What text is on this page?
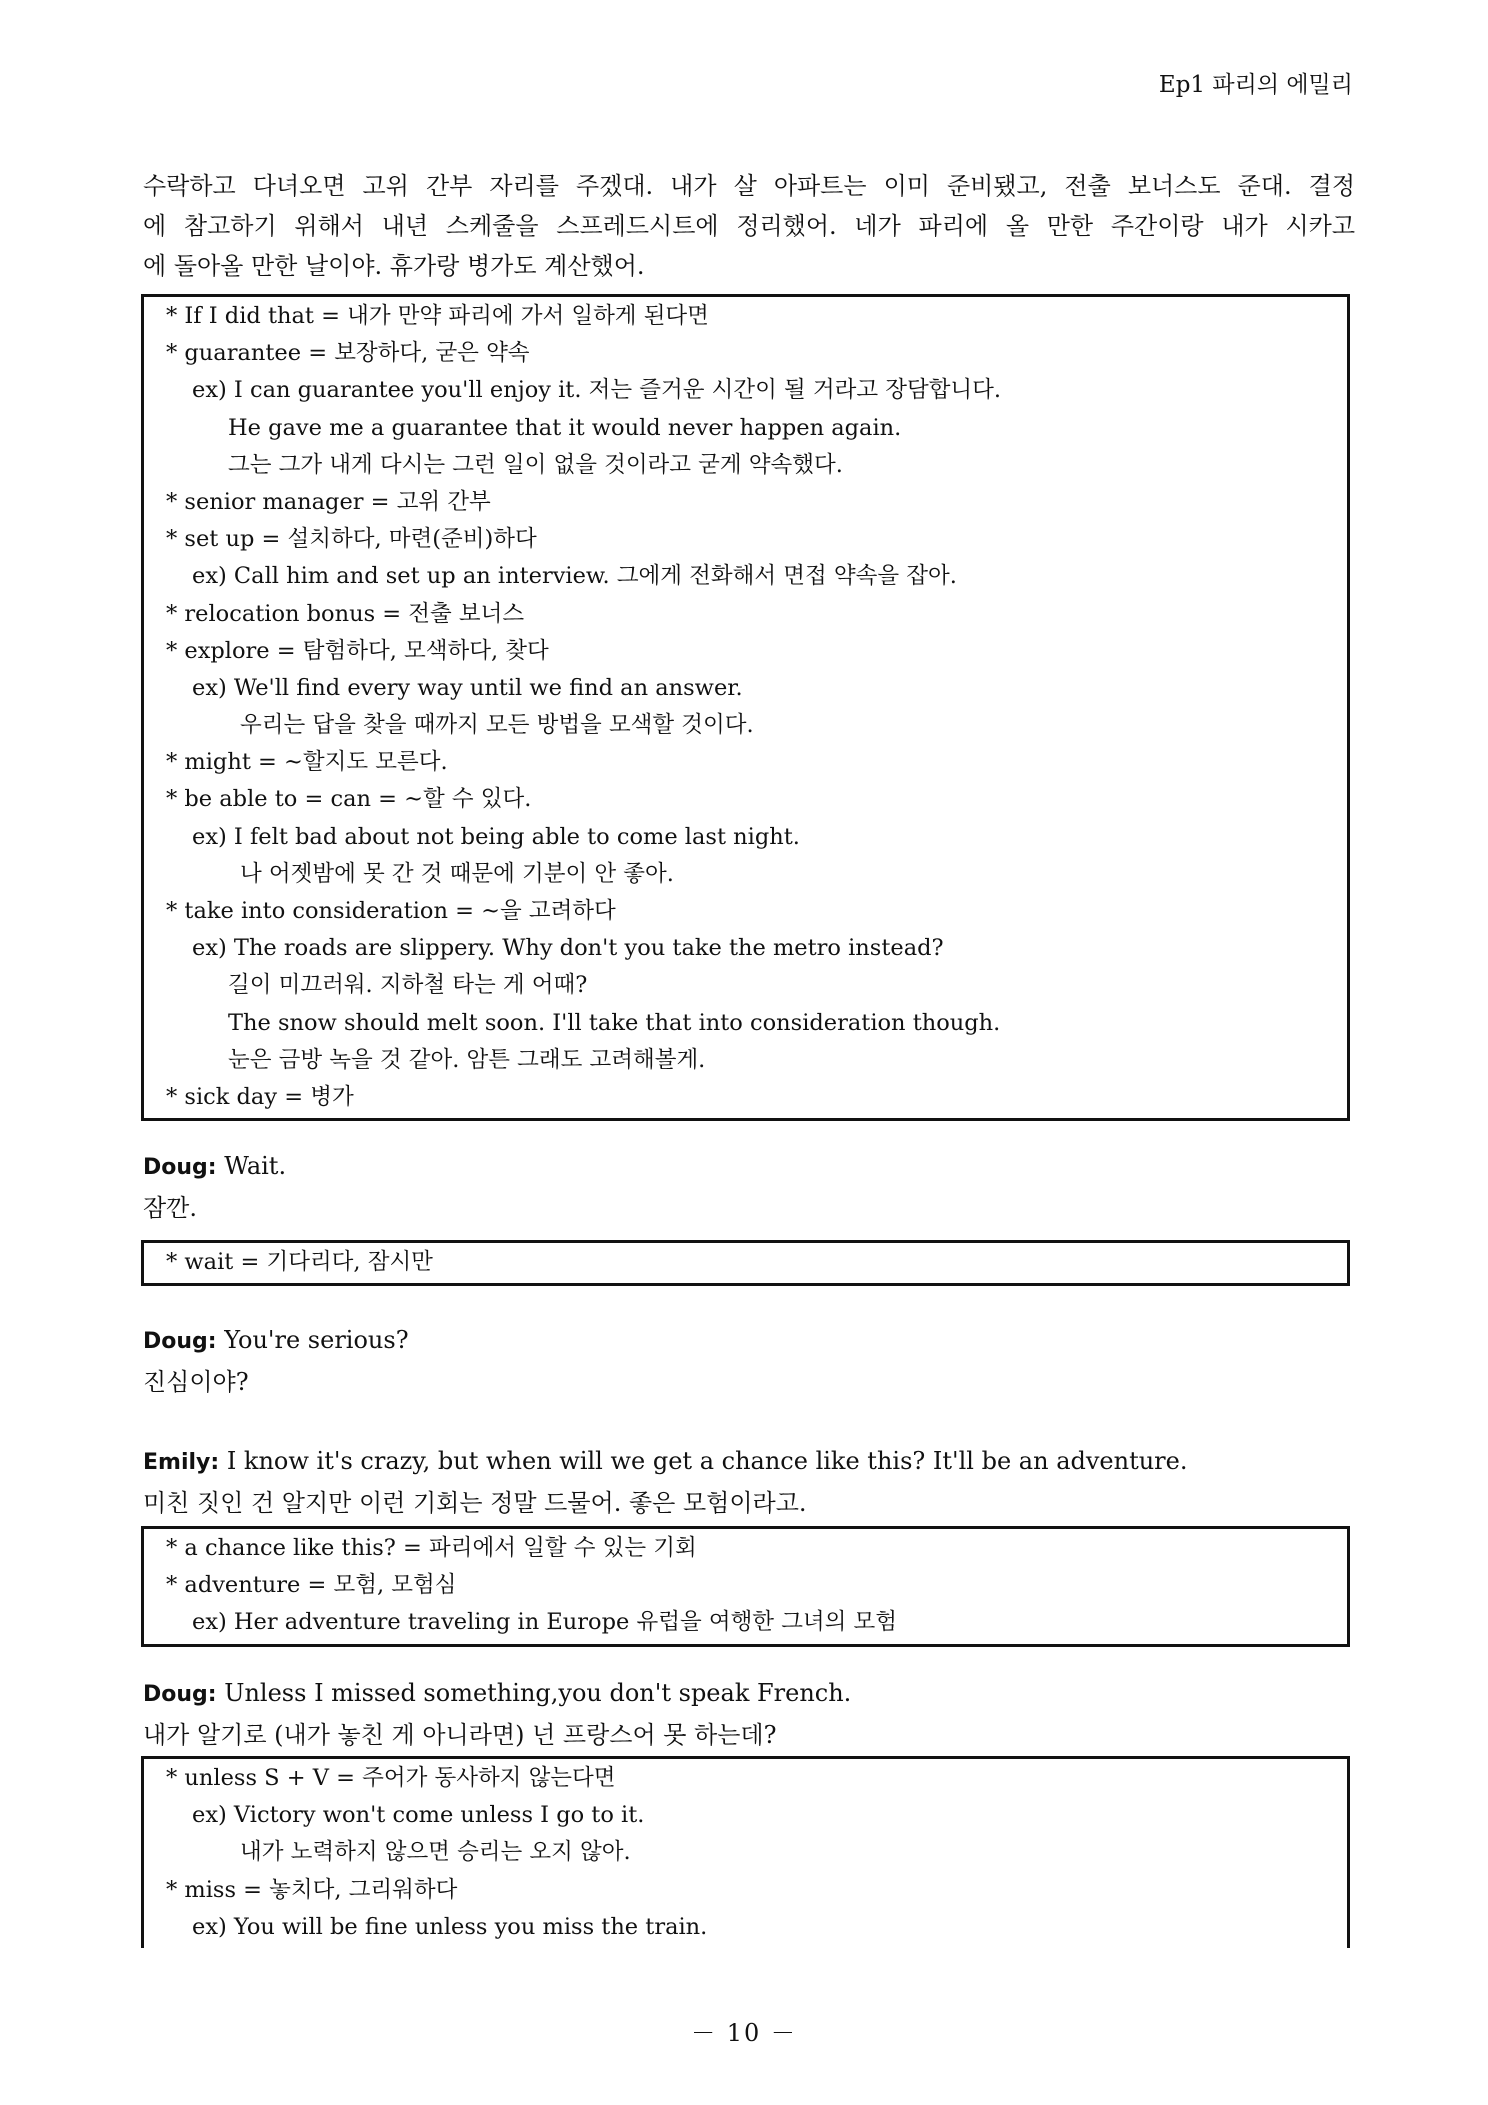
Ep1 파리의 에밀리
수락하고 다녀오면 고위 간부 자리를 주겠대. 내가 살 아파트는 이미 준비됐고, 전출 보너스도 준대. 결정
에 참고하기 위해서 내년 스케줄을 스프레드시트에 정리했어. 네가 파리에 올 만한 주간이랑 내가 시카고
에 돌아올 만한 날이야. 휴가랑 병가도 계산했어.
* If I did that = 내가 만약 파리에 가서 일하게 된다면
* guarantee = 보장하다, 굳은 약속
ex) I can guarantee you'll enjoy it. 저는 즐거운 시간이 될 거라고 장담합니다.
He gave me a guarantee that it would never happen again.
그는 그가 내게 다시는 그런 일이 없을 것이라고 굳게 약속했다.
* senior manager = 고위 간부
* set up = 설치하다, 마련(준비)하다
ex) Call him and set up an interview. 그에게 전화해서 면접 약속을 잡아.
* relocation bonus = 전출 보너스
* explore = 탐험하다, 모색하다, 찾다
ex) We'll find every way until we find an answer.
우리는 답을 찾을 때까지 모든 방법을 모색할 것이다.
* might = ~할지도 모른다.
* be able to = can = ~할 수 있다.
ex) I felt bad about not being able to come last night.
나 어젯밤에 못 간 것 때문에 기분이 안 좋아.
* take into consideration = ~을 고려하다
ex) The roads are slippery. Why don't you take the metro instead?
길이 미끄러워. 지하철 타는 게 어때?
The snow should melt soon. I'll take that into consideration though.
눈은 금방 녹을 것 같아. 암튼 그래도 고려해볼게.
* sick day = 병가
Doug: Wait.
잠깐.
* wait = 기다리다, 잠시만
Doug: You're serious?
진심이야?
Emily: I know it's crazy, but when will we get a chance like this? It'll be an adventure.
미친 짓인 건 알지만 이런 기회는 정말 드물어. 좋은 모험이라고.
* a chance like this? = 파리에서 일할 수 있는 기회
* adventure = 모험, 모험심
ex) Her adventure traveling in Europe 유럽을 여행한 그녀의 모험
Doug: Unless I missed something,you don't speak French.
내가 알기로 (내가 놓친 게 아니라면) 넌 프랑스어 못 하는데?
* unless S + V = 주어가 동사하지 않는다면
ex) Victory won't come unless I go to it.
내가 노력하지 않으면 승리는 오지 않아.
* miss = 놓치다, 그리워하다
ex) You will be fine unless you miss the train.
－ 10 －
